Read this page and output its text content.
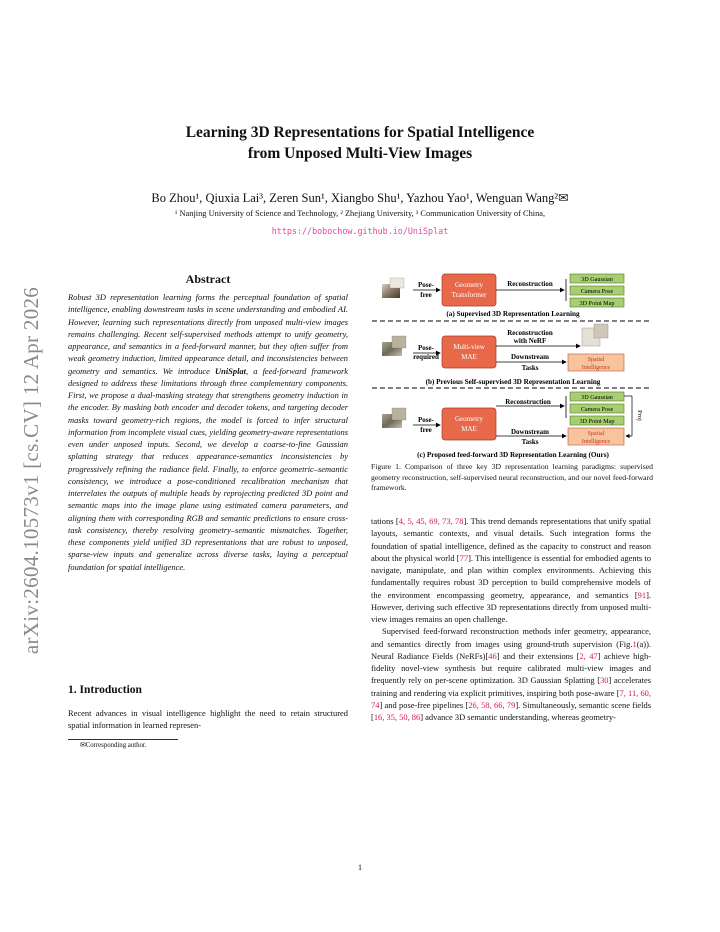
arXiv:2604.10573v1 [cs.CV] 12 Apr 2026
Learning 3D Representations for Spatial Intelligence
from Unposed Multi-View Images
Bo Zhou¹, Qiuxia Lai³, Zeren Sun¹, Xiangbo Shu¹, Yazhou Yao¹, Wenguan Wang²✉
¹ Nanjing University of Science and Technology, ² Zhejiang University, ³ Communication University of China,
https://bobochow.github.io/UniSplat
Abstract
Robust 3D representation learning forms the perceptual foundation of spatial intelligence, enabling downstream tasks in scene understanding and embodied AI. However, learning such representations directly from unposed multi-view images remains challenging. Recent self-supervised methods attempt to unify geometry, appearance, and semantics in a feed-forward manner, but they often suffer from weak geometry induction, limited appearance detail, and inconsistencies between geometry and semantics. We introduce UniSplat, a feed-forward framework designed to address these limitations through three complementary components. First, we propose a dual-masking strategy that strengthens geometry induction in the encoder. By masking both encoder and decoder tokens, and targeting decoder masks toward geometry-rich regions, the model is forced to infer structural information from incomplete visual cues, yielding geometry-aware representations even under unposed inputs. Second, we develop a coarse-to-fine Gaussian splatting strategy that reduces appearance-semantics inconsistencies by progressively refining the radiance field. Finally, to enforce geometric–semantic consistency, we introduce a pose-conditioned recalibration mechanism that interrelates the outputs of multiple heads by reprojecting predicted 3D point and semantic maps into the image plane using estimated camera parameters, and aligning them with corresponding RGB and semantic predictions to ensure cross-task consistency, thereby resolving geometry–semantic mismatches. Together, these components yield unified 3D representations that are robust to unposed, sparse-view inputs and generalize across diverse tasks, laying a perceptual foundation for spatial intelligence.
1. Introduction
Recent advances in visual intelligence highlight the need to retain structured spatial information in learned represen-
✉Corresponding author.
Pose-
free
Geometry
Transformer
Reconstruction
3D Gaussian
Camera Pose
3D Point Map
(a) Supervised 3D Representation Learning
Pose-
required
Multi-view
MAE
Reconstruction
with NeRF
Downstream
Tasks
Spatial
Intelligence
(b) Previous Self-supervised 3D Representation Learning
Pose-
free
Geometry
MAE
Reconstruction
3D Gaussian
Camera Pose
3D Point Map
Proj
Downstream
Tasks
Spatial
Intelligence
(c) Proposed feed-forward 3D Representation Learning (Ours)
Figure 1. Comparison of three key 3D representation learning paradigms: supervised geometry reconstruction, self-supervised neural reconstruction, and our novel feed-forward framework.

tations [4, 5, 45, 69, 73, 78]. This trend demands representations that unify spatial layouts, semantic contexts, and visual details. Such integration forms the foundation of spatial intelligence, defined as the capacity to construct and reason about the physical world [77]. This intelligence is essential for embodied agents to navigate, manipulate, and plan within complex environments. Achieving this fundamentally requires robust 3D perception to build comprehensive models of the environment encompassing geometry, appearance, and semantics [91]. However, deriving such effective 3D representations directly from unposed multi-view images remains an open challenge.

Supervised feed-forward reconstruction methods infer geometry, appearance, and semantics directly from images using ground-truth supervision (Fig.1(a)). Neural Radiance Fields (NeRFs)[46] and their extensions [2, 47] achieve high-fidelity novel-view synthesis but require calibrated multi-view images and frequently rely on per-scene optimization. 3D Gaussian Splatting [30] accelerates training and rendering via explicit primitives, inspiring both pose-aware [7, 11, 60, 74] and pose-free pipelines [26, 58, 66, 79]. Simultaneously, semantic scene fields [16, 35, 50, 86] advance 3D semantic understanding, whereas geometry-

1
